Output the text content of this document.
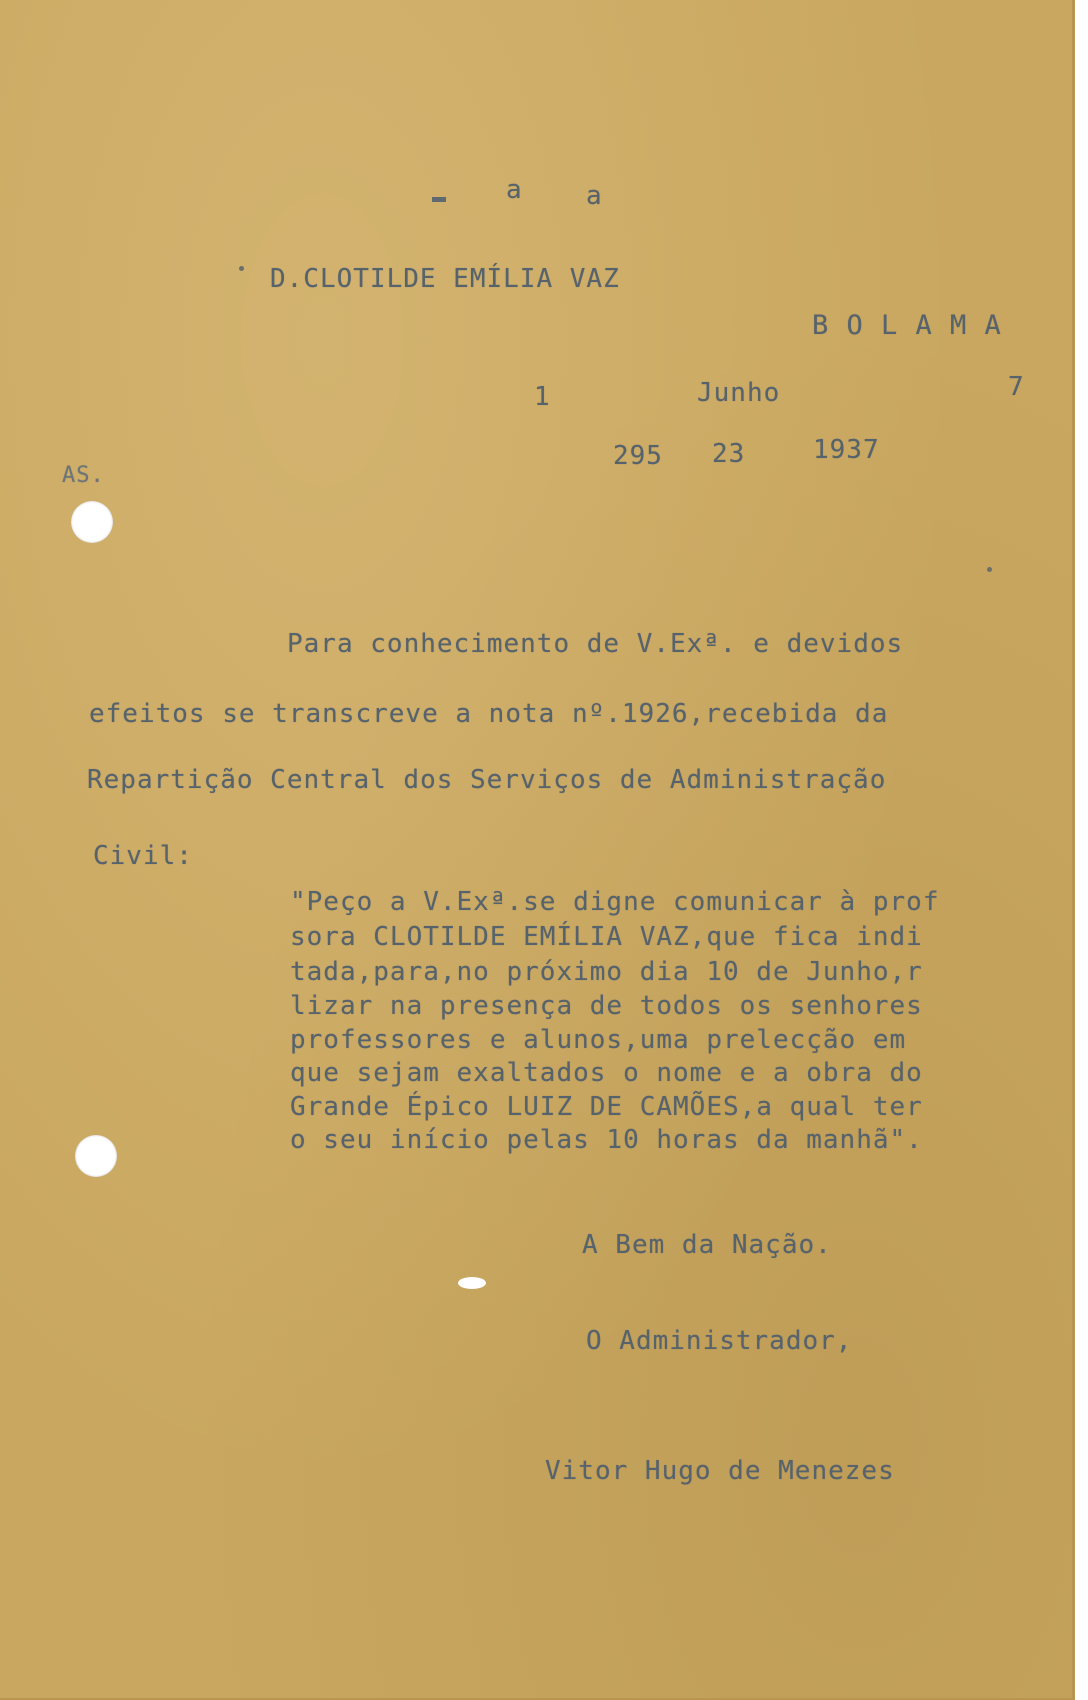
a a
D.CLOTILDE EMÍLIA VAZ
B O L A M A
1	Junho	7
295 23	1937
AS.
Para conhecimento de V.Exª. e devidos
efeitos se transcreve a nota nº.1926,recebida da
Repartição Central dos Serviços de Administração
Civil:
"Peço a V.Exª.se digne comunicar à prof
sora CLOTILDE EMÍLIA VAZ,que fica indi
tada,para,no próximo dia 10 de Junho,r
lizar na presença de todos os senhores
professores e alunos,uma prelecção em
que sejam exaltados o nome e a obra do
Grande Épico LUIZ DE CAMÕES,a qual ter
o seu início pelas 10 horas da manhã".
A Bem da Nação.
O Administrador,
Vitor Hugo de Menezes
